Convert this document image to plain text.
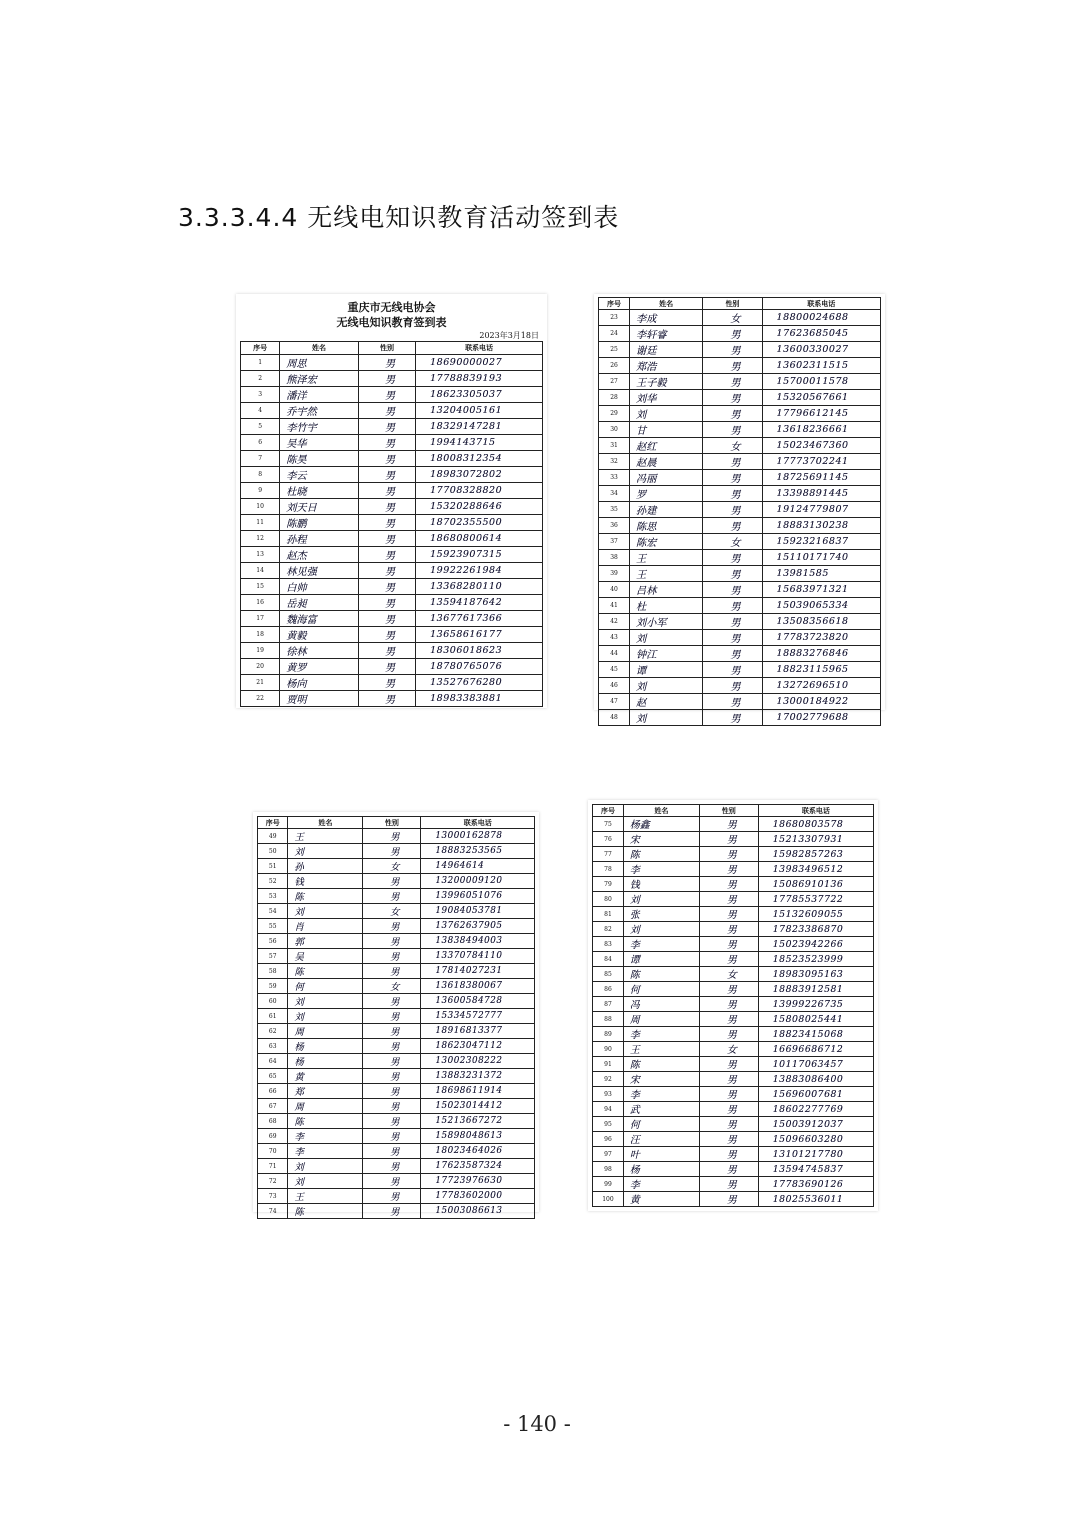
3.3.3.4.4 无线电知识教育活动签到表
重庆市无线电协会
无线电知识教育签到表
2023年3月18日
序号	姓名	性别	联系电话
1	周思	男	18690000027
2	熊泽宏	男	17788839193
3	潘洋	男	18623305037
4	乔宇然	男	13204005161
5	李竹宇	男	18329147281
6	吴华	男	1994143715
7	陈昊	男	18008312354
8	李云	男	18983072802
9	杜晓	男	17708328820
10	刘天日	男	15320288646
11	陈鹏	男	18702355500
12	孙程	男	18680800614
13	赵杰	男	15923907315
14	林见强	男	19922261984
15	白帅	男	13368280110
16	岳昶	男	13594187642
17	魏海富	男	13677617366
18	黄毅	男	13658616177
19	徐林	男	18306018623
20	黄罗	男	18780765076
21	杨向	男	13527676280
22	贾明	男	18983383881
序号	姓名	性别	联系电话
23	李成	女	18800024688
24	李轩睿	男	17623685045
25	谢廷	男	13600330027
26	郑浩	男	13602311515
27	王子毅	男	15700011578
28	刘华	男	15320567661
29	刘	男	17796612145
30	甘	男	13618236661
31	赵红	女	15023467360
32	赵晨	男	17773702241
33	冯丽	男	18725691145
34	罗	男	13398891445
35	孙建	男	19124779807
36	陈思	男	18883130238
37	陈宏	女	15923216837
38	王	男	15110171740
39	王	男	13981585
40	吕林	男	15683971321
41	杜	男	15039065334
42	刘小军	男	13508356618
43	刘	男	17783723820
44	钟江	男	18883276846
45	谭	男	18823115965
46	刘	男	13272696510
47	赵	男	13000184922
48	刘	男	17002779688
序号	姓名	性别	联系电话
49	王	男	13000162878
50	刘	男	18883253565
51	孙	女	14964614
52	钱	男	13200009120
53	陈	男	13996051076
54	刘	女	19084053781
55	肖	男	13762637905
56	郭	男	13838494003
57	吴	男	13370784110
58	陈	男	17814027231
59	何	女	13618380067
60	刘	男	13600584728
61	刘	男	15334572777
62	周	男	18916813377
63	杨	男	18623047112
64	杨	男	13002308222
65	黄	男	13883231372
66	郑	男	18698611914
67	周	男	15023014412
68	陈	男	15213667272
69	李	男	15898048613
70	李	男	18023464026
71	刘	男	17623587324
72	刘	男	17723976630
73	王	男	17783602000
74	陈	男	15003086613
序号	姓名	性别	联系电话
75	杨鑫	男	18680803578
76	宋	男	15213307931
77	陈	男	15982857263
78	李	男	13983496512
79	钱	男	15086910136
80	刘	男	17785537722
81	张	男	15132609055
82	刘	男	17823386870
83	李	男	15023942266
84	谭	男	18523523999
85	陈	女	18983095163
86	何	男	18883912581
87	冯	男	13999226735
88	周	男	15808025441
89	李	男	18823415068
90	王	女	16696686712
91	陈	男	10117063457
92	宋	男	13883086400
93	李	男	15696007681
94	武	男	18602277769
95	何	男	15003912037
96	汪	男	15096603280
97	叶	男	13101217780
98	杨	男	13594745837
99	李	男	17783690126
100	黄	男	18025536011
- 140 -
